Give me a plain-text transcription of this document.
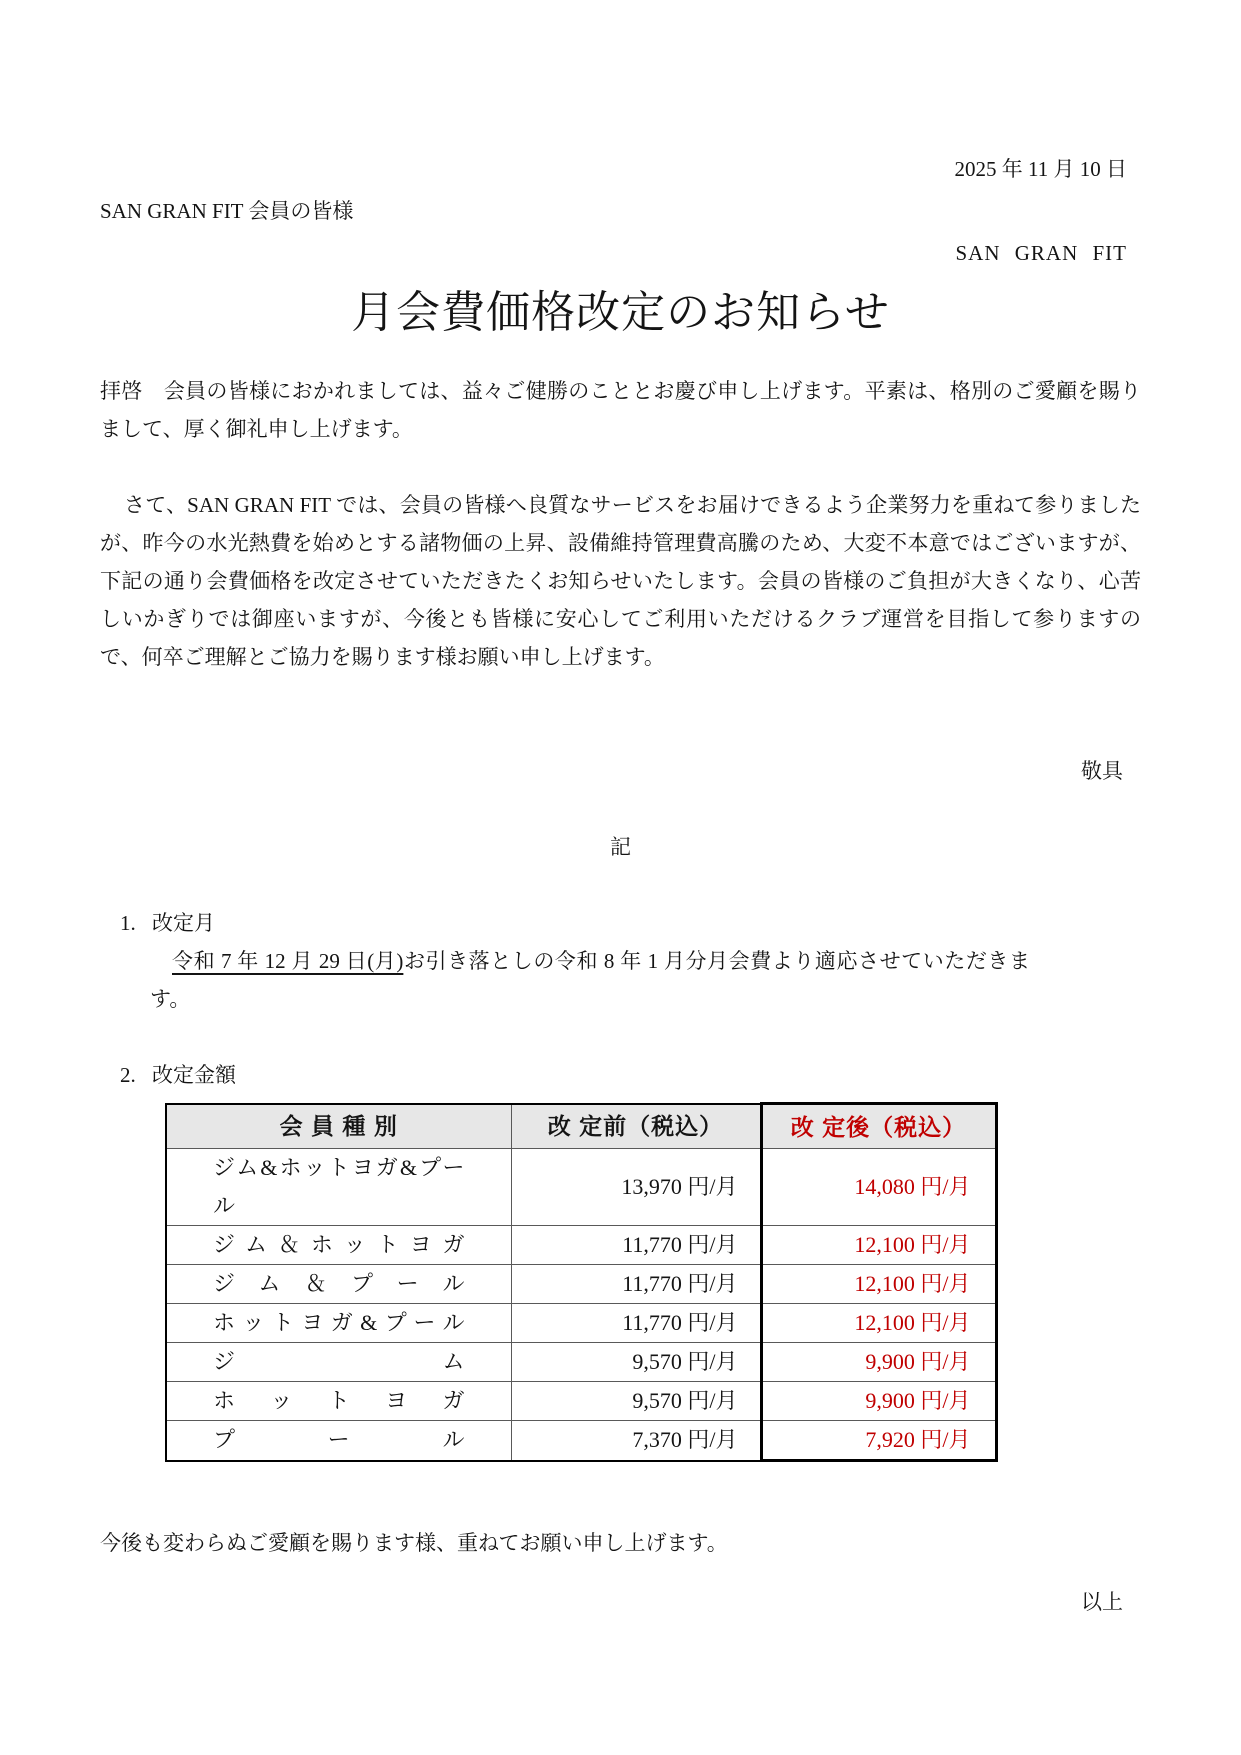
2025 年 11 月 10 日
SAN GRAN FIT 会員の皆様
SAN GRAN FIT
月会費価格改定のお知らせ

拝啓　会員の皆様におかれましては、益々ご健勝のこととお慶び申し上げます。平素は、格別のご愛顧を賜りまして、厚く御礼申し上げます。

さて、SAN GRAN FIT では、会員の皆様へ良質なサービスをお届けできるよう企業努力を重ねて参りましたが、昨今の水光熱費を始めとする諸物価の上昇、設備維持管理費高騰のため、大変不本意ではございますが、下記の通り会費価格を改定させていただきたくお知らせいたします。会員の皆様のご負担が大きくなり、心苦しいかぎりでは御座いますが、今後とも皆様に安心してご利用いただけるクラブ運営を目指して参りますので、何卒ご理解とご協力を賜ります様お願い申し上げます。

敬具
記
1. 改定月
令和 7 年 12 月 29 日(月)お引き落としの令和 8 年 1 月分月会費より適応させていただきます。
2. 改定金額
会 員 種 別	改 定前（税込）	改 定後（税込）
ジム&ホットヨガ&プール	13,970 円/月	14,080 円/月
ジム＆ホットヨガ	11,770 円/月	12,100 円/月
ジム＆プール	11,770 円/月	12,100 円/月
ホットヨガ&プール	11,770 円/月	12,100 円/月
ジム	9,570 円/月	9,900 円/月
ホットヨガ	9,570 円/月	9,900 円/月
プール	7,370 円/月	7,920 円/月

今後も変わらぬご愛顧を賜ります様、重ねてお願い申し上げます。

以上
